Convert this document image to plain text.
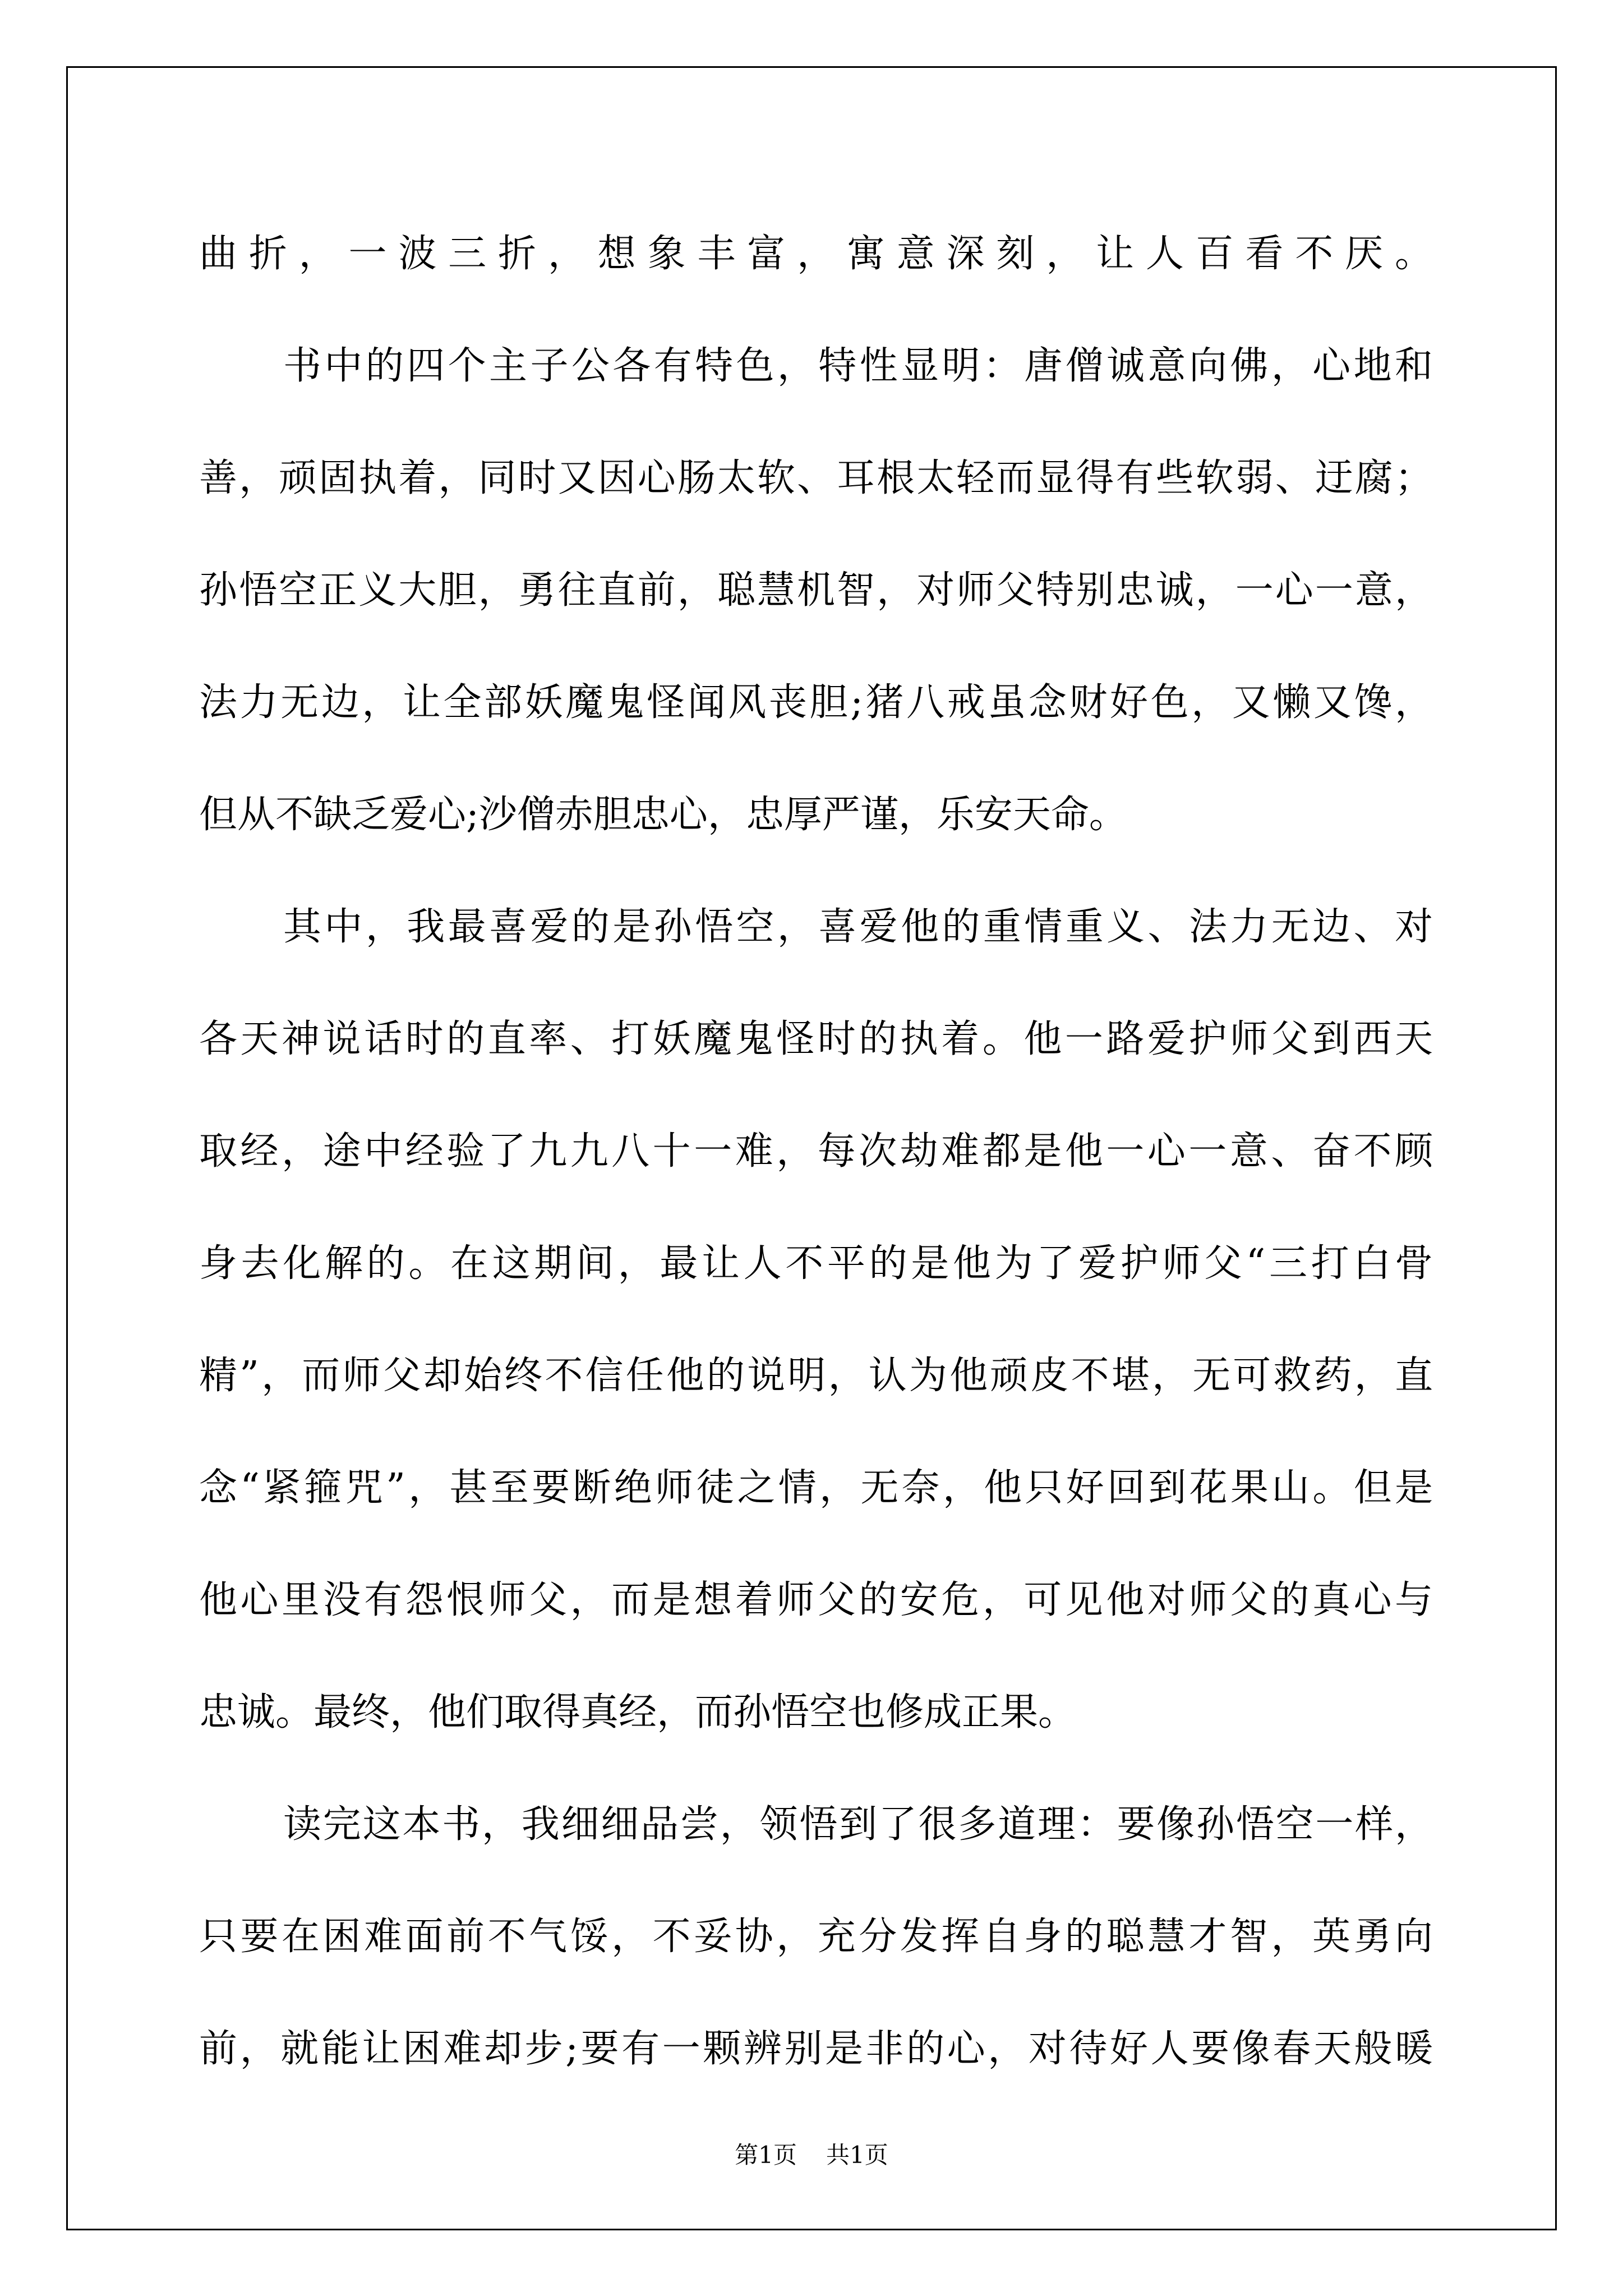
曲折，一波三折，想象丰富，寓意深刻，让人百看不厌。
书中的四个主子公各有特色，特性显明：唐僧诚意向佛，心地和
善，顽固执着，同时又因心肠太软、耳根太轻而显得有些软弱、迂腐；
孙悟空正义大胆，勇往直前，聪慧机智，对师父特别忠诚，一心一意，
法力无边，让全部妖魔鬼怪闻风丧胆;猪八戒虽念财好色，又懒又馋，
但从不缺乏爱心;沙僧赤胆忠心，忠厚严谨，乐安天命。
其中，我最喜爱的是孙悟空，喜爱他的重情重义、法力无边、对
各天神说话时的直率、打妖魔鬼怪时的执着。他一路爱护师父到西天
取经，途中经验了九九八十一难，每次劫难都是他一心一意、奋不顾
身去化解的。在这期间，最让人不平的是他为了爱护师父“三打白骨
精”，而师父却始终不信任他的说明，认为他顽皮不堪，无可救药，直
念“紧箍咒”，甚至要断绝师徒之情，无奈，他只好回到花果山。但是
他心里没有怨恨师父，而是想着师父的安危，可见他对师父的真心与
忠诚。最终，他们取得真经，而孙悟空也修成正果。
读完这本书，我细细品尝，领悟到了很多道理：要像孙悟空一样，
只要在困难面前不气馁，不妥协，充分发挥自身的聪慧才智，英勇向
前，就能让困难却步;要有一颗辨别是非的心，对待好人要像春天般暖
第1页 共1页
